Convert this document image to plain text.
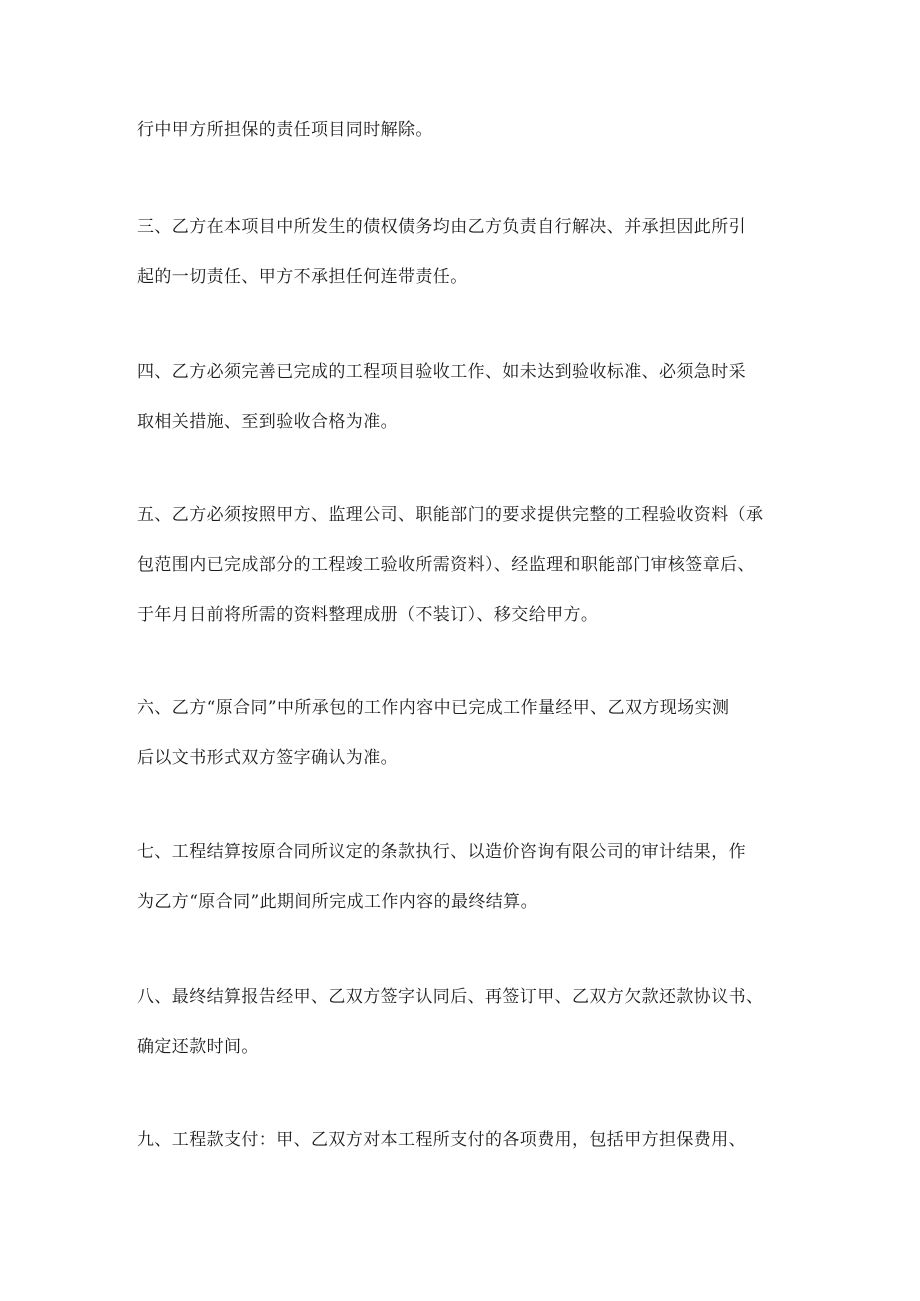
行中甲方所担保的责任项目同时解除。
三、乙方在本项目中所发生的债权债务均由乙方负责自行解决、并承担因此所引
起的一切责任、甲方不承担任何连带责任。
四、乙方必须完善已完成的工程项目验收工作、如未达到验收标准、必须急时采
取相关措施、至到验收合格为准。
五、乙方必须按照甲方、监理公司、职能部门的要求提供完整的工程验收资料（承
包范围内已完成部分的工程竣工验收所需资料）、经监理和职能部门审核签章后、
于年月日前将所需的资料整理成册（不装订）、移交给甲方。
六、乙方“原合同”中所承包的工作内容中已完成工作量经甲、乙双方现场实测
后以文书形式双方签字确认为准。
七、工程结算按原合同所议定的条款执行、以造价咨询有限公司的审计结果，作
为乙方“原合同”此期间所完成工作内容的最终结算。
八、最终结算报告经甲、乙双方签字认同后、再签订甲、乙双方欠款还款协议书、
确定还款时间。
九、工程款支付：甲、乙双方对本工程所支付的各项费用，包括甲方担保费用、
